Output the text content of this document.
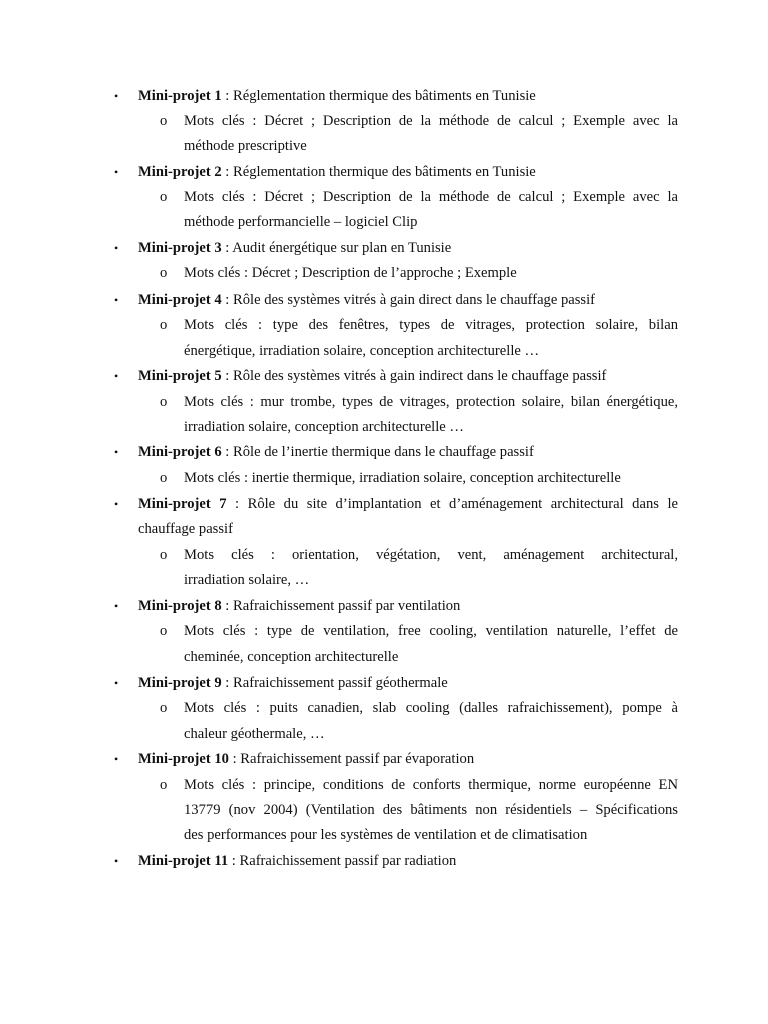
• Mini-projet 1 : Réglementation thermique des bâtiments en Tunisie
o Mots clés : Décret ; Description de la méthode de calcul ; Exemple avec la
méthode prescriptive
• Mini-projet 2 : Réglementation thermique des bâtiments en Tunisie
o Mots clés : Décret ; Description de la méthode de calcul ; Exemple avec la
méthode performancielle – logiciel Clip
• Mini-projet 3 : Audit énergétique sur plan en Tunisie
o Mots clés : Décret ; Description de l’approche ; Exemple
• Mini-projet 4 : Rôle des systèmes vitrés à gain direct dans le chauffage passif
o Mots clés : type des fenêtres, types de vitrages, protection solaire, bilan
énergétique, irradiation solaire, conception architecturelle …
• Mini-projet 5 : Rôle des systèmes vitrés à gain indirect dans le chauffage passif
o Mots clés : mur trombe, types de vitrages, protection solaire, bilan énergétique,
irradiation solaire, conception architecturelle …
• Mini-projet 6 : Rôle de l’inertie thermique dans le chauffage passif
o Mots clés : inertie thermique, irradiation solaire, conception architecturelle
• Mini-projet 7 : Rôle du site d’implantation et d’aménagement architectural dans le
chauffage passif
o Mots clés : orientation, végétation, vent, aménagement architectural,
irradiation solaire, …
• Mini-projet 8 : Rafraichissement passif par ventilation
o Mots clés : type de ventilation, free cooling, ventilation naturelle, l’effet de
cheminée, conception architecturelle
• Mini-projet 9 : Rafraichissement passif géothermale
o Mots clés : puits canadien, slab cooling (dalles rafraichissement), pompe à
chaleur géothermale, …
• Mini-projet 10 : Rafraichissement passif par évaporation
o Mots clés : principe, conditions de conforts thermique, norme européenne EN
13779 (nov 2004) (Ventilation des bâtiments non résidentiels – Spécifications
des performances pour les systèmes de ventilation et de climatisation
• Mini-projet 11 : Rafraichissement passif par radiation
